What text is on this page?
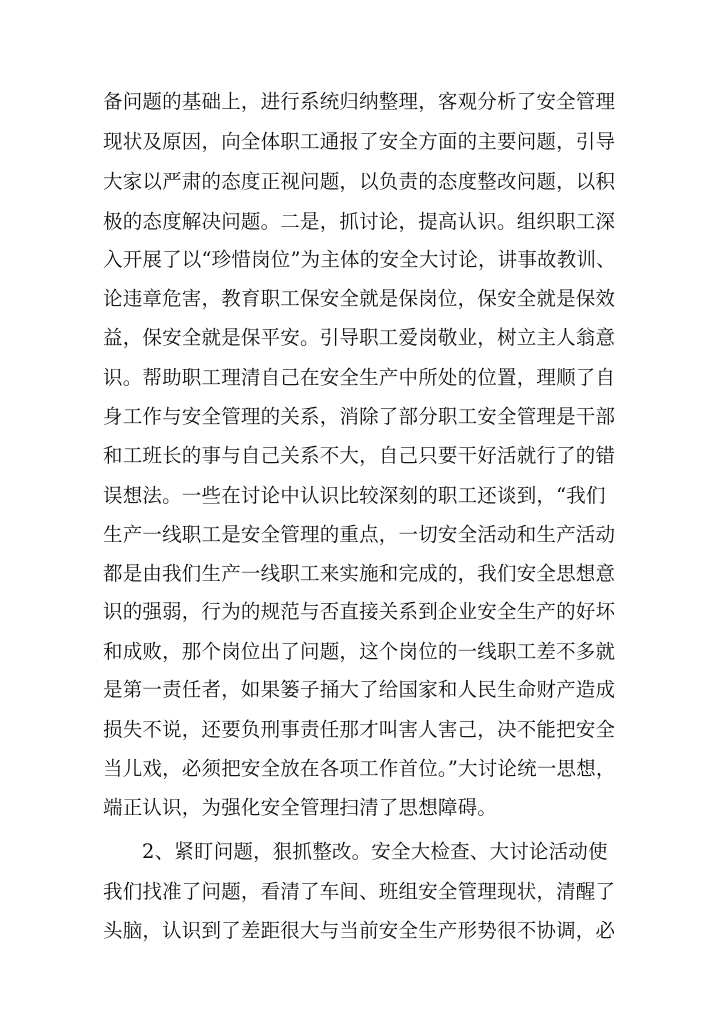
备问题的基础上，进行系统归纳整理，客观分析了安全管理
现状及原因，向全体职工通报了安全方面的主要问题，引导
大家以严肃的态度正视问题，以负责的态度整改问题，以积
极的态度解决问题。二是，抓讨论，提高认识。组织职工深
入开展了以“珍惜岗位”为主体的安全大讨论，讲事故教训、
论违章危害，教育职工保安全就是保岗位，保安全就是保效
益，保安全就是保平安。引导职工爱岗敬业，树立主人翁意
识。帮助职工理清自己在安全生产中所处的位置，理顺了自
身工作与安全管理的关系，消除了部分职工安全管理是干部
和工班长的事与自己关系不大，自己只要干好活就行了的错
误想法。一些在讨论中认识比较深刻的职工还谈到，“我们
生产一线职工是安全管理的重点，一切安全活动和生产活动
都是由我们生产一线职工来实施和完成的，我们安全思想意
识的强弱，行为的规范与否直接关系到企业安全生产的好坏
和成败，那个岗位出了问题，这个岗位的一线职工差不多就
是第一责任者，如果篓子捅大了给国家和人民生命财产造成
损失不说，还要负刑事责任那才叫害人害己，决不能把安全
当儿戏，必须把安全放在各项工作首位。”大讨论统一思想，
端正认识，为强化安全管理扫清了思想障碍。
2、紧盯问题，狠抓整改。安全大检查、大讨论活动使
我们找准了问题，看清了车间、班组安全管理现状，清醒了
头脑，认识到了差距很大与当前安全生产形势很不协调，必
